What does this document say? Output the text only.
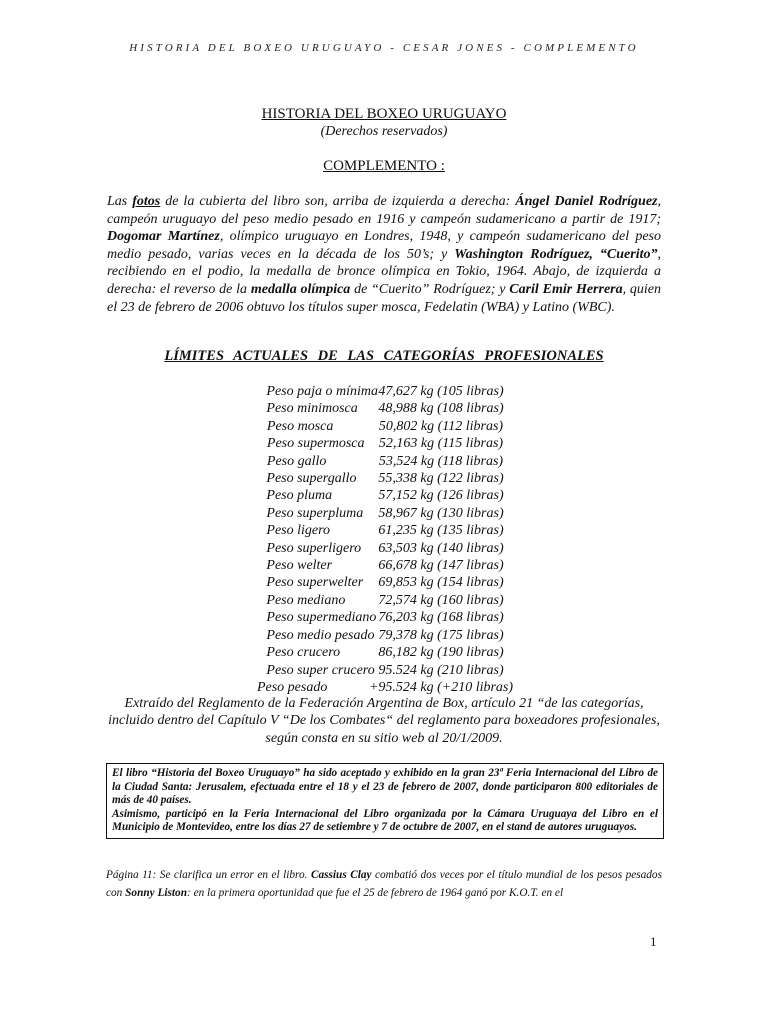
HISTORIA DEL BOXEO URUGUAYO - CESAR JONES - COMPLEMENTO
HISTORIA DEL BOXEO URUGUAYO
(Derechos reservados)
COMPLEMENTO :

Las fotos de la cubierta del libro son, arriba de izquierda a derecha: Ángel Daniel Rodríguez, campeón uruguayo del peso medio pesado en 1916 y campeón sudamericano a partir de 1917; Dogomar Martínez, olímpico uruguayo en Londres, 1948, y campeón sudamericano del peso medio pesado, varias veces en la década de los 50’s; y Washington Rodríguez, “Cuerito”, recibiendo en el podio, la medalla de bronce olímpica en Tokio, 1964. Abajo, de izquierda a derecha: el reverso de la medalla olímpica de “Cuerito” Rodríguez; y Caril Emir Herrera, quien el 23 de febrero de 2006 obtuvo los títulos super mosca, Fedelatin (WBA) y Latino (WBC).

LÍMITES ACTUALES DE LAS CATEGORÍAS PROFESIONALES
Peso paja o mínima 47,627 kg (105 libras)
Peso minimosca	48,988 kg (108 libras)
Peso mosca	50,802 kg (112 libras)
Peso supermosca	52,163 kg (115 libras)
Peso gallo	53,524 kg (118 libras)
Peso supergallo	55,338 kg (122 libras)
Peso pluma	57,152 kg (126 libras)
Peso superpluma	58,967 kg (130 libras)
Peso ligero	61,235 kg (135 libras)
Peso superligero	63,503 kg (140 libras)
Peso welter	66,678 kg (147 libras)
Peso superwelter	69,853 kg (154 libras)
Peso mediano	72,574 kg (160 libras)
Peso supermediano 76,203 kg (168 libras)
Peso medio pesado 79,378 kg (175 libras)
Peso crucero	86,182 kg (190 libras)
Peso super crucero 95.524 kg (210 libras)
Peso pesado	+95.524 kg (+210 libras)

Extraído del Reglamento de la Federación Argentina de Box, artículo 21 “de las categorías, incluido dentro del Capítulo V “De los Combates“ del reglamento para boxeadores profesionales, según consta en su sitio web al 20/1/2009.

El libro “Historia del Boxeo Uruguayo” ha sido aceptado y exhibido en la gran 23ª Feria Internacional del Libro de la Ciudad Santa: Jerusalem, efectuada entre el 18 y el 23 de febrero de 2007, donde participaron 800 editoriales de más de 40 países.

Asimismo, participó en la Feria Internacional del Libro organizada por la Cámara Uruguaya del Libro en el Municipio de Montevideo, entre los días 27 de setiembre y 7 de octubre de 2007, en el stand de autores uruguayos.

Página 11: Se clarifica un error en el libro. Cassius Clay combatió dos veces por el título mundial de los pesos pesados con Sonny Liston: en la primera oportunidad que fue el 25 de febrero de 1964 ganó por K.O.T. en el

1
